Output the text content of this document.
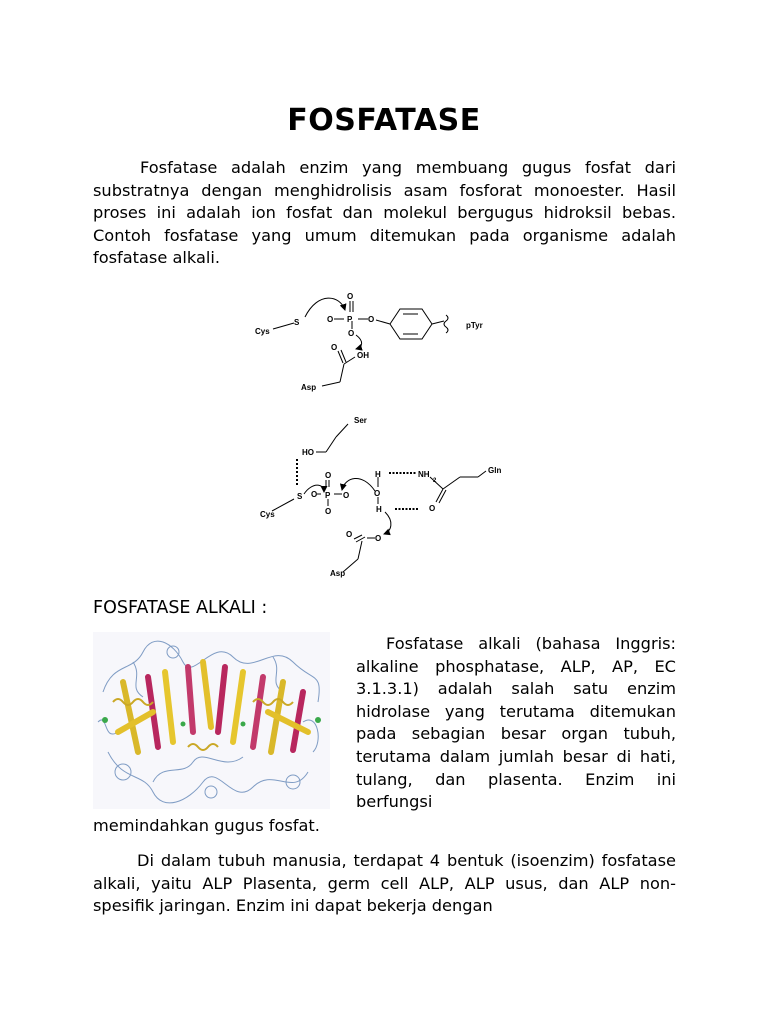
FOSFATASE

Fosfatase adalah enzim yang membuang gugus fosfat dari substratnya dengan menghidrolisis asam fosforat monoester. Hasil proses ini adalah ion fosfat dan molekul bergugus hidroksil bebas. Contoh fosfatase yang umum ditemukan pada organisme adalah fosfatase alkali.

Cys
S
O
O P
O
O
pTyr
O
OH
Asp
Ser
HO
Cys
S
O
O P
O
O
H
O
H
NH
2
Gln
O
O	O
Asp
FOSFATASE ALKALI :

Fosfatase alkali (bahasa Inggris: alkaline phosphatase, ALP, AP, EC 3.1.3.1) adalah salah satu enzim hidrolase yang terutama ditemukan pada sebagian besar organ tubuh, terutama dalam jumlah besar di hati, tulang, dan plasenta. Enzim ini berfungsi

memindahkan gugus fosfat.

Di dalam tubuh manusia, terdapat 4 bentuk (isoenzim) fosfatase alkali, yaitu ALP Plasenta, germ cell ALP, ALP usus, dan ALP non-spesifik jaringan. Enzim ini dapat bekerja dengan
